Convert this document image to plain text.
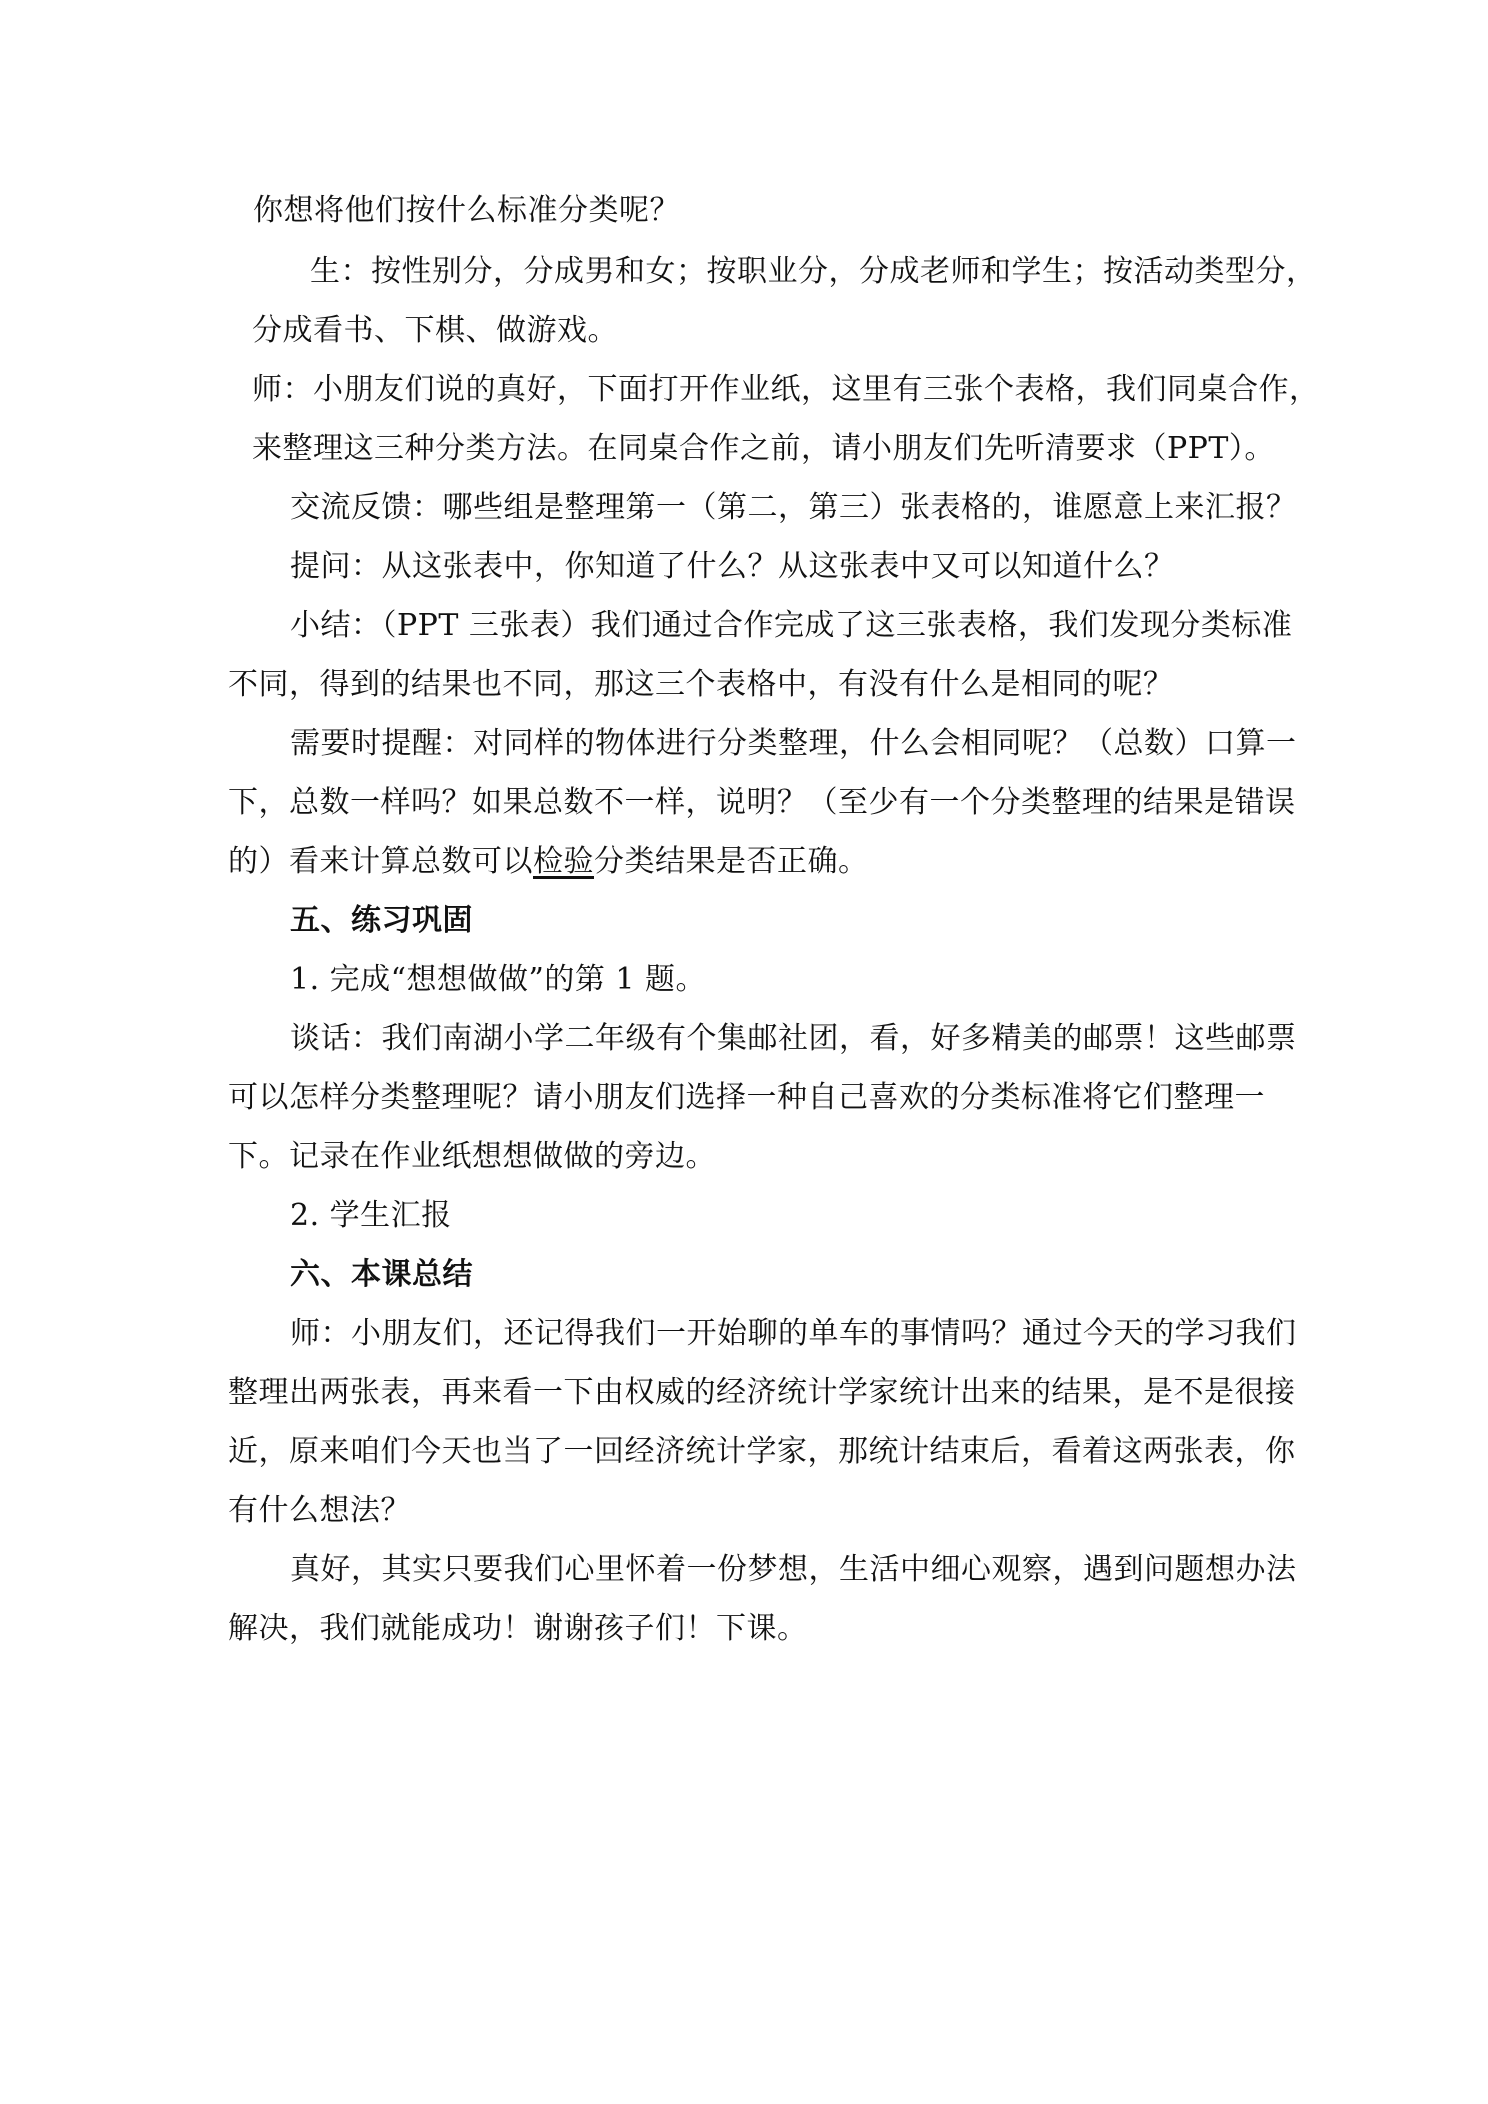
你想将他们按什么标准分类呢？
生：按性别分，分成男和女；按职业分，分成老师和学生；按活动类型分，
分成看书、下棋、做游戏。
师：小朋友们说的真好，下面打开作业纸，这里有三张个表格，我们同桌合作，
来整理这三种分类方法。在同桌合作之前，请小朋友们先听清要求（PPT）。
交流反馈：哪些组是整理第一（第二，第三）张表格的，谁愿意上来汇报？
提问：从这张表中，你知道了什么？从这张表中又可以知道什么？
小结：（PPT 三张表）我们通过合作完成了这三张表格，我们发现分类标准
不同，得到的结果也不同，那这三个表格中，有没有什么是相同的呢？
需要时提醒：对同样的物体进行分类整理，什么会相同呢？（总数）口算一
下，总数一样吗？如果总数不一样，说明？（至少有一个分类整理的结果是错误
的）看来计算总数可以检验分类结果是否正确。
五、练习巩固
1. 完成“想想做做”的第 1 题。
谈话：我们南湖小学二年级有个集邮社团，看，好多精美的邮票！这些邮票
可以怎样分类整理呢？请小朋友们选择一种自己喜欢的分类标准将它们整理一
下。记录在作业纸想想做做的旁边。
2. 学生汇报
六、本课总结
师：小朋友们，还记得我们一开始聊的单车的事情吗？通过今天的学习我们
整理出两张表，再来看一下由权威的经济统计学家统计出来的结果，是不是很接
近，原来咱们今天也当了一回经济统计学家，那统计结束后，看着这两张表，你
有什么想法？
真好，其实只要我们心里怀着一份梦想，生活中细心观察，遇到问题想办法
解决，我们就能成功！谢谢孩子们！下课。
